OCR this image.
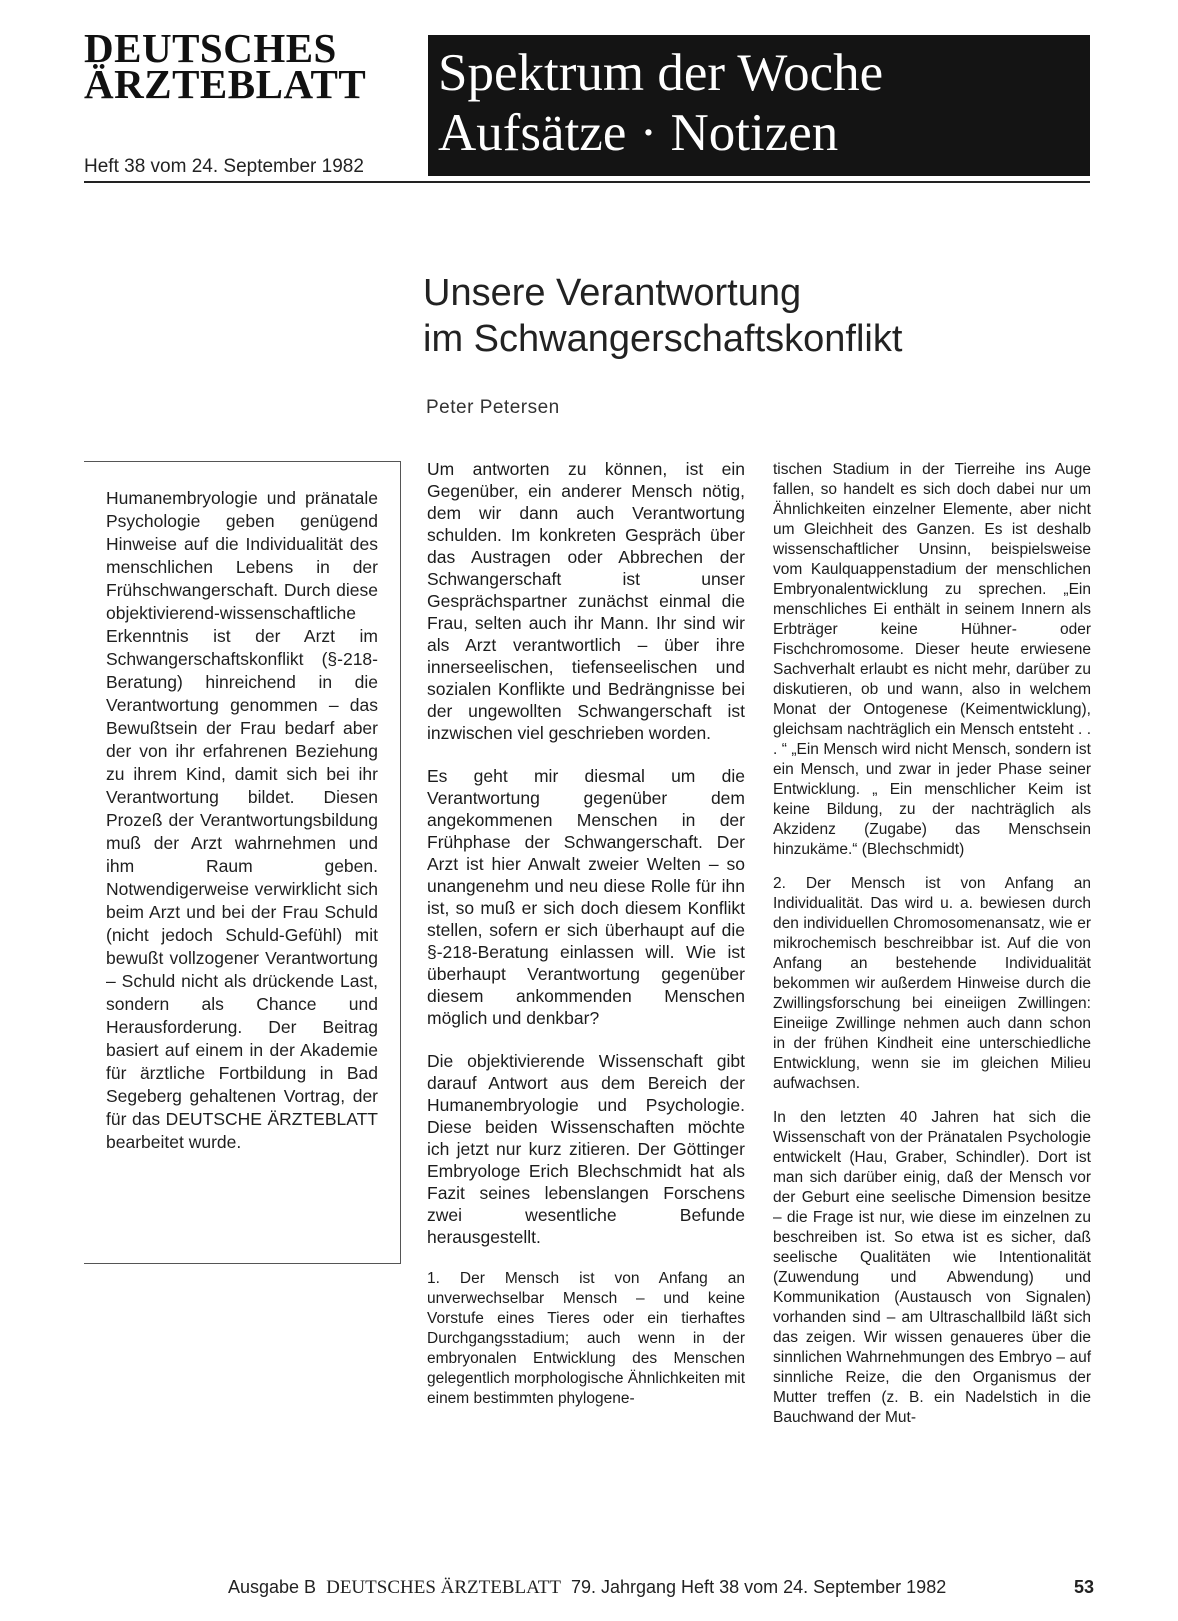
DEUTSCHES
ÄRZTEBLATT
Heft 38 vom 24. September 1982
Spektrum der Woche
Aufsätze · Notizen
Unsere Verantwortung
im Schwangerschaftskonflikt
Peter Petersen
Humanembryologie und pränatale Psychologie geben genügend Hinweise auf die Individualität des menschlichen Lebens in der Frühschwangerschaft. Durch diese objektivierend-wissenschaftliche Erkenntnis ist der Arzt im Schwangerschaftskonflikt (§-218-Beratung) hinreichend in die Verantwortung genommen – das Bewußtsein der Frau bedarf aber der von ihr erfahrenen Beziehung zu ihrem Kind, damit sich bei ihr Verantwortung bildet. Diesen Prozeß der Verantwortungsbildung muß der Arzt wahrnehmen und ihm Raum geben. Notwendigerweise verwirklicht sich beim Arzt und bei der Frau Schuld (nicht jedoch Schuld-Gefühl) mit bewußt vollzogener Verantwortung – Schuld nicht als drückende Last, sondern als Chance und Herausforderung. Der Beitrag basiert auf einem in der Akademie für ärztliche Fortbildung in Bad Segeberg gehaltenen Vortrag, der für das DEUTSCHE ÄRZTEBLATT bearbeitet wurde.

Um antworten zu können, ist ein Gegenüber, ein anderer Mensch nötig, dem wir dann auch Verantwortung schulden. Im konkreten Gespräch über das Austragen oder Abbrechen der Schwangerschaft ist unser Gesprächspartner zunächst einmal die Frau, selten auch ihr Mann. Ihr sind wir als Arzt verantwortlich – über ihre innerseelischen, tiefenseelischen und sozialen Konflikte und Bedrängnisse bei der ungewollten Schwangerschaft ist inzwischen viel geschrieben worden.

Es geht mir diesmal um die Verantwortung gegenüber dem angekommenen Menschen in der Frühphase der Schwangerschaft. Der Arzt ist hier Anwalt zweier Welten – so unangenehm und neu diese Rolle für ihn ist, so muß er sich doch diesem Konflikt stellen, sofern er sich überhaupt auf die §-218-Beratung einlassen will. Wie ist überhaupt Verantwortung gegenüber diesem ankommenden Menschen möglich und denkbar?

Die objektivierende Wissenschaft gibt darauf Antwort aus dem Bereich der Humanembryologie und Psychologie. Diese beiden Wissenschaften möchte ich jetzt nur kurz zitieren. Der Göttinger Embryologe Erich Blechschmidt hat als Fazit seines lebenslangen Forschens zwei wesentliche Befunde herausgestellt.

1. Der Mensch ist von Anfang an unverwechselbar Mensch – und keine Vorstufe eines Tieres oder ein tierhaftes Durchgangsstadium; auch wenn in der embryonalen Entwicklung des Menschen gelegentlich morphologische Ähnlichkeiten mit einem bestimmten phylogene-

tischen Stadium in der Tierreihe ins Auge fallen, so handelt es sich doch dabei nur um Ähnlichkeiten einzelner Elemente, aber nicht um Gleichheit des Ganzen. Es ist deshalb wissenschaftlicher Unsinn, beispielsweise vom Kaulquappenstadium der menschlichen Embryonalentwicklung zu sprechen. „Ein menschliches Ei enthält in seinem Innern als Erbträger keine Hühner- oder Fischchromosome. Dieser heute erwiesene Sachverhalt erlaubt es nicht mehr, darüber zu diskutieren, ob und wann, also in welchem Monat der Ontogenese (Keimentwicklung), gleichsam nachträglich ein Mensch entsteht . . . “ „Ein Mensch wird nicht Mensch, sondern ist ein Mensch, und zwar in jeder Phase seiner Entwicklung. „ Ein menschlicher Keim ist keine Bildung, zu der nachträglich als Akzidenz (Zugabe) das Menschsein hinzukäme.“ (Blechschmidt)

2. Der Mensch ist von Anfang an Individualität. Das wird u. a. bewiesen durch den individuellen Chromosomenansatz, wie er mikrochemisch beschreibbar ist. Auf die von Anfang an bestehende Individualität bekommen wir außerdem Hinweise durch die Zwillingsforschung bei eineiigen Zwillingen: Eineiige Zwillinge nehmen auch dann schon in der frühen Kindheit eine unterschiedliche Entwicklung, wenn sie im gleichen Milieu aufwachsen.

In den letzten 40 Jahren hat sich die Wissenschaft von der Pränatalen Psychologie entwickelt (Hau, Graber, Schindler). Dort ist man sich darüber einig, daß der Mensch vor der Geburt eine seelische Dimension besitze – die Frage ist nur, wie diese im einzelnen zu beschreiben ist. So etwa ist es sicher, daß seelische Qualitäten wie Intentionalität (Zuwendung und Abwendung) und Kommunikation (Austausch von Signalen) vorhanden sind – am Ultraschallbild läßt sich das zeigen. Wir wissen genaueres über die sinnlichen Wahrnehmungen des Embryo – auf sinnliche Reize, die den Organismus der Mutter treffen (z. B. ein Nadelstich in die Bauchwand der Mut-

Ausgabe B DEUTSCHES ÄRZTEBLATT 79. Jahrgang Heft 38 vom 24. September 1982	53
